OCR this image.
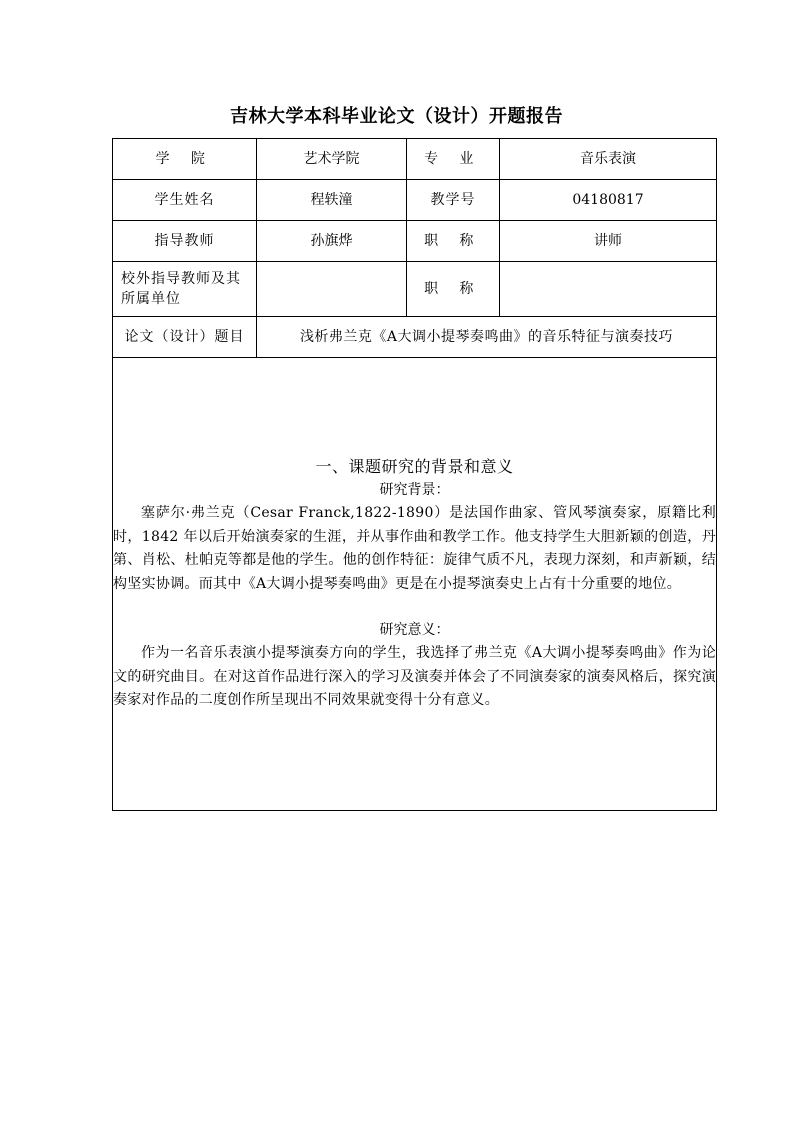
吉林大学本科毕业论文（设计）开题报告
学 院	艺术学院	专 业	音乐表演
学生姓名	程轶潼	教学号	04180817
指导教师	孙旗烨	职 称	讲师
校外指导教师及其所属单位		职 称	
论文（设计）题目	浅析弗兰克《A大调小提琴奏鸣曲》的音乐特征与演奏技巧		

一、课题研究的背景和意义
研究背景：

塞萨尔·弗兰克（Cesar Franck,1822-1890）是法国作曲家、管风琴演奏家，原籍比利时，1842 年以后开始演奏家的生涯，并从事作曲和教学工作。他支持学生大胆新颖的创造，丹第、肖松、杜帕克等都是他的学生。他的创作特征：旋律气质不凡，表现力深刻，和声新颖，结构坚实协调。而其中《A大调小提琴奏鸣曲》更是在小提琴演奏史上占有十分重要的地位。

研究意义：

作为一名音乐表演小提琴演奏方向的学生，我选择了弗兰克《A大调小提琴奏鸣曲》作为论文的研究曲目。在对这首作品进行深入的学习及演奏并体会了不同演奏家的演奏风格后，探究演奏家对作品的二度创作所呈现出不同效果就变得十分有意义。			
